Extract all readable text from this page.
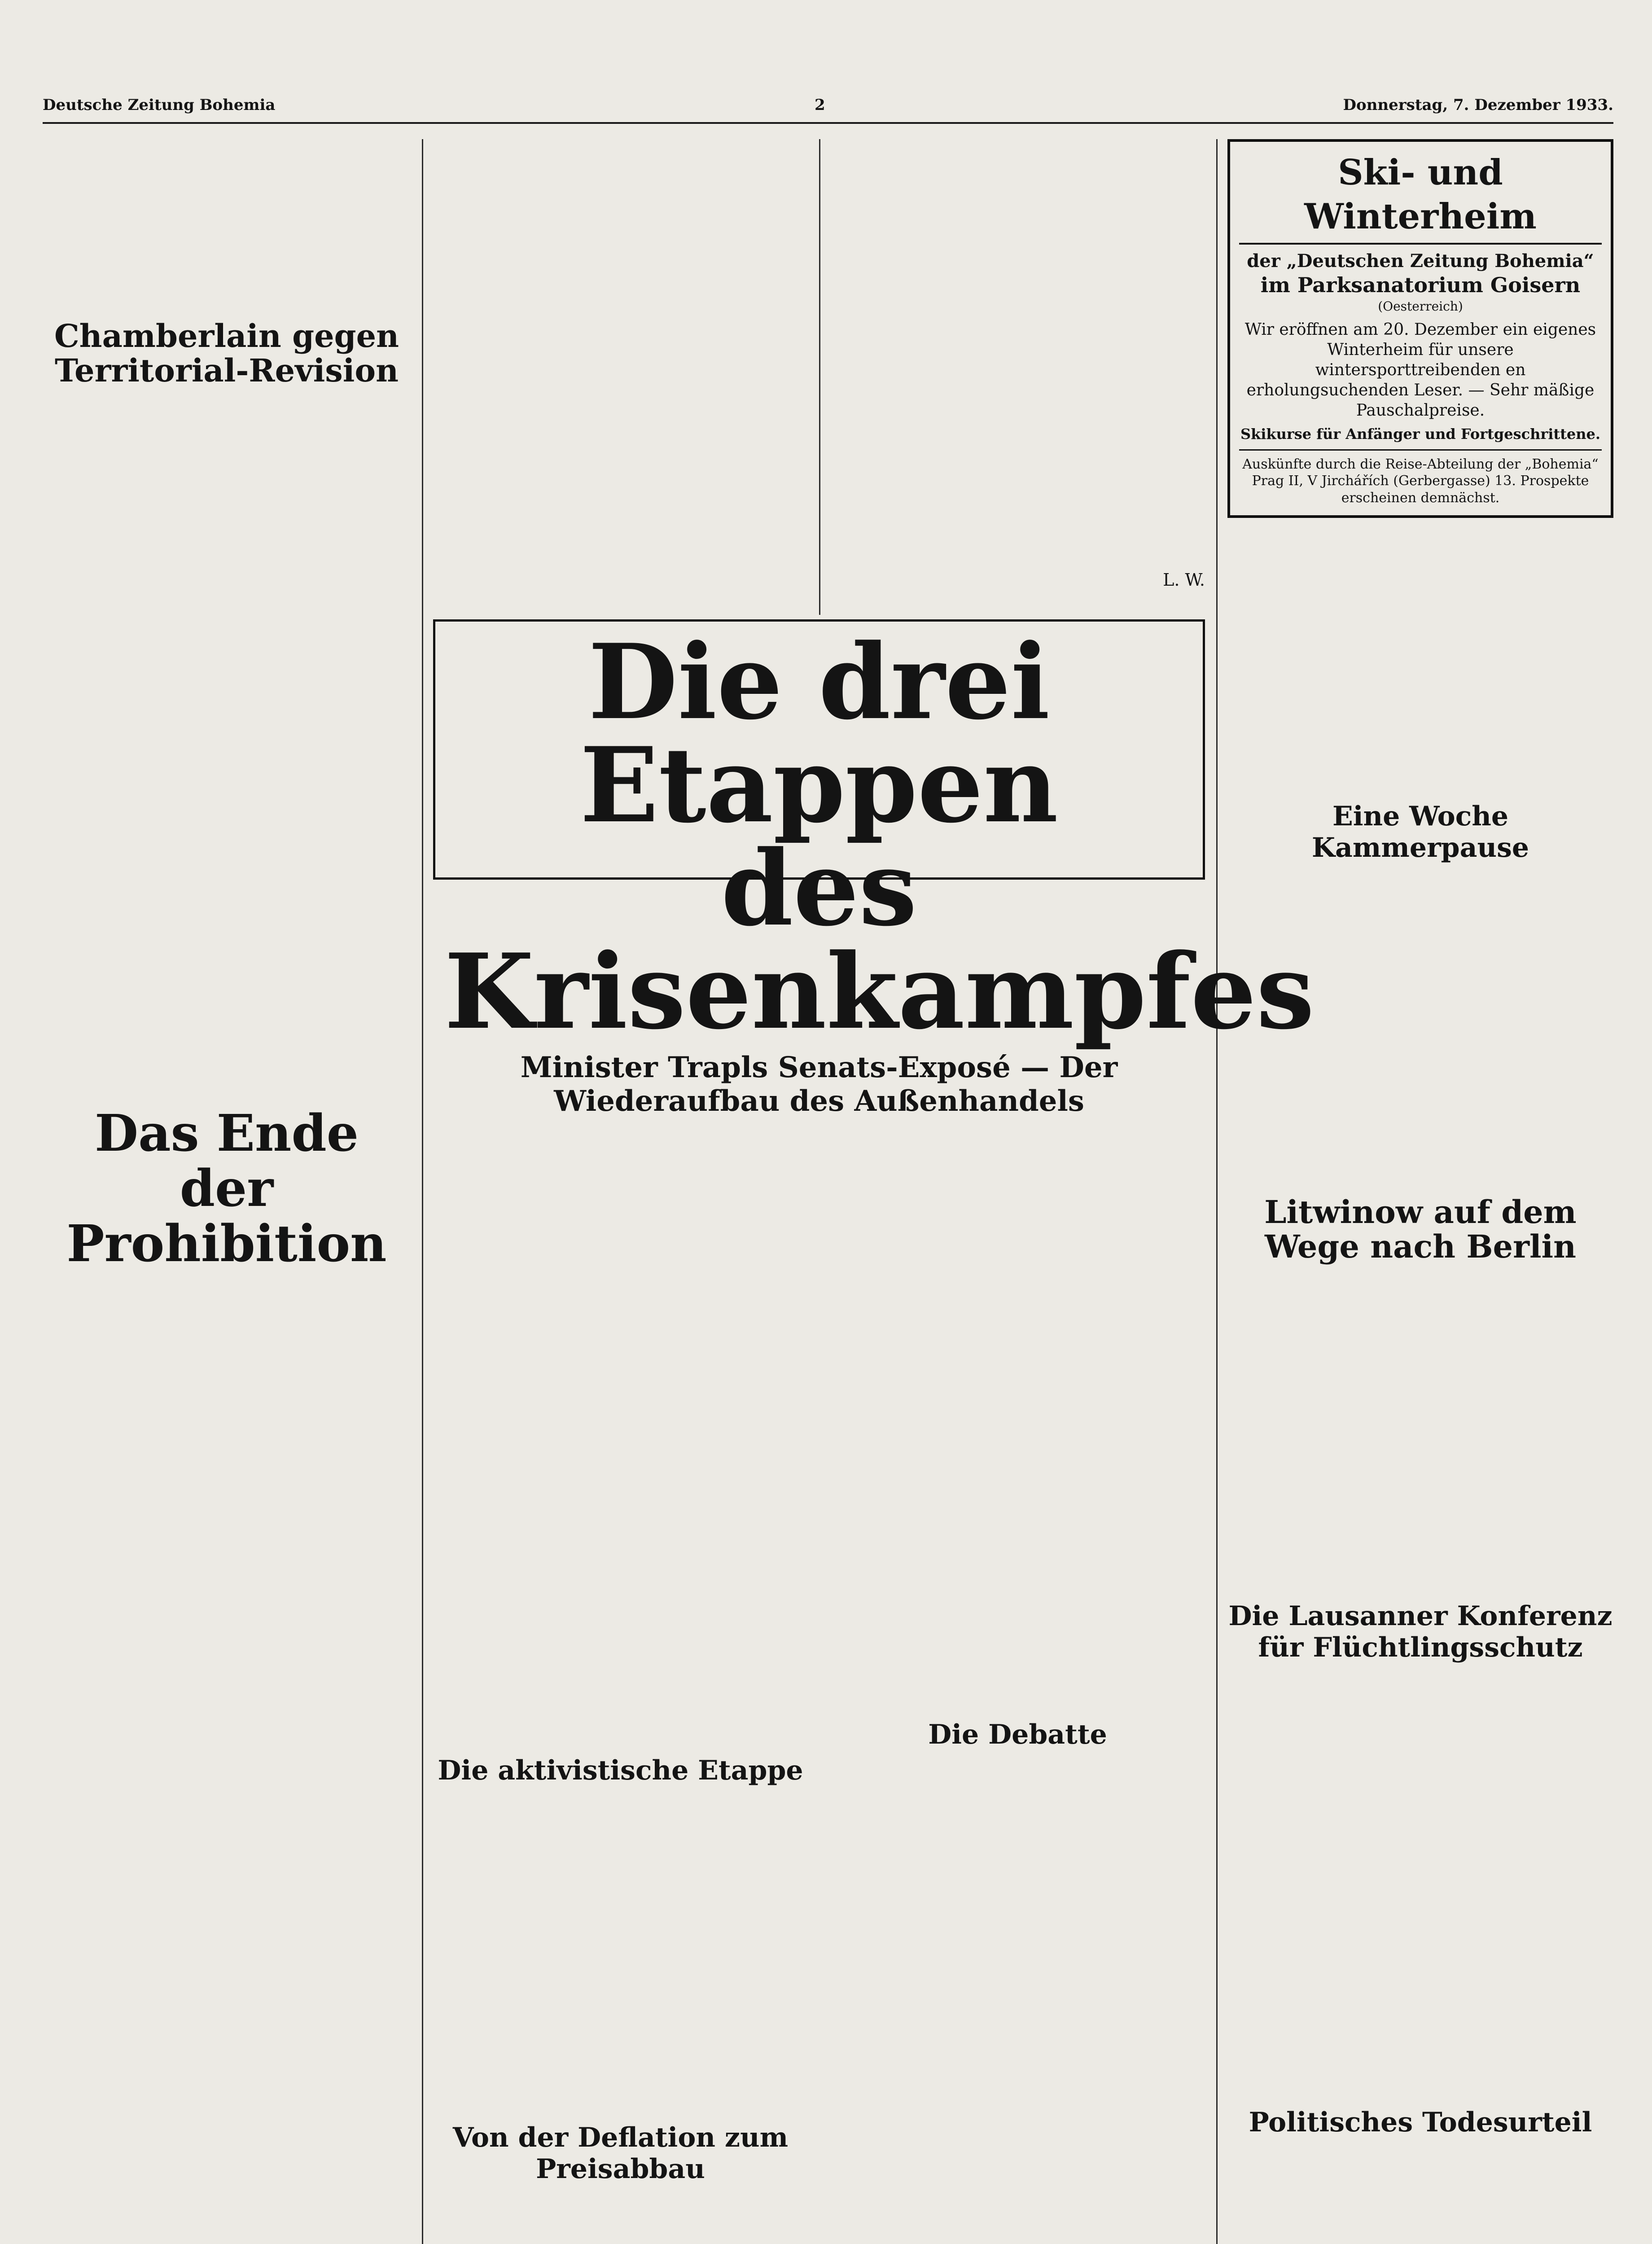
Deutsche Zeitung Bohemia	2	Donnerstag, 7. Dezember 1933.

Chamberlain gegen Territorial-Revision

Das Ende der Prohibition

Die aktivistische Etappe

Von der Deflation zum Preisabbau

L. W.
Die drei Etappen
des Krisenkampfes
Minister Trapls Senats-Exposé — Der Wiederaufbau des Außenhandels

Die Debatte

Ski- und Winterheim
der „Deutschen Zeitung Bohemia“
im Parksanatorium Goisern
(Oesterreich)
Wir eröffnen am 20. Dezember ein eigenes Winterheim für unsere wintersporttreibenden en erholungsuchenden Leser. — Sehr mäßige Pauschalpreise.
Skikurse für Anfänger und Fortgeschrittene.
Auskünfte durch die Reise-Abteilung der „Bohemia“ Prag II, V Jirchářích (Gerbergasse) 13. Prospekte erscheinen demnächst.

Eine Woche Kammerpause

Litwinow auf dem Wege nach Berlin

Die Lausanner Konferenz für Flüchtlingsschutz

Politisches Todesurteil
